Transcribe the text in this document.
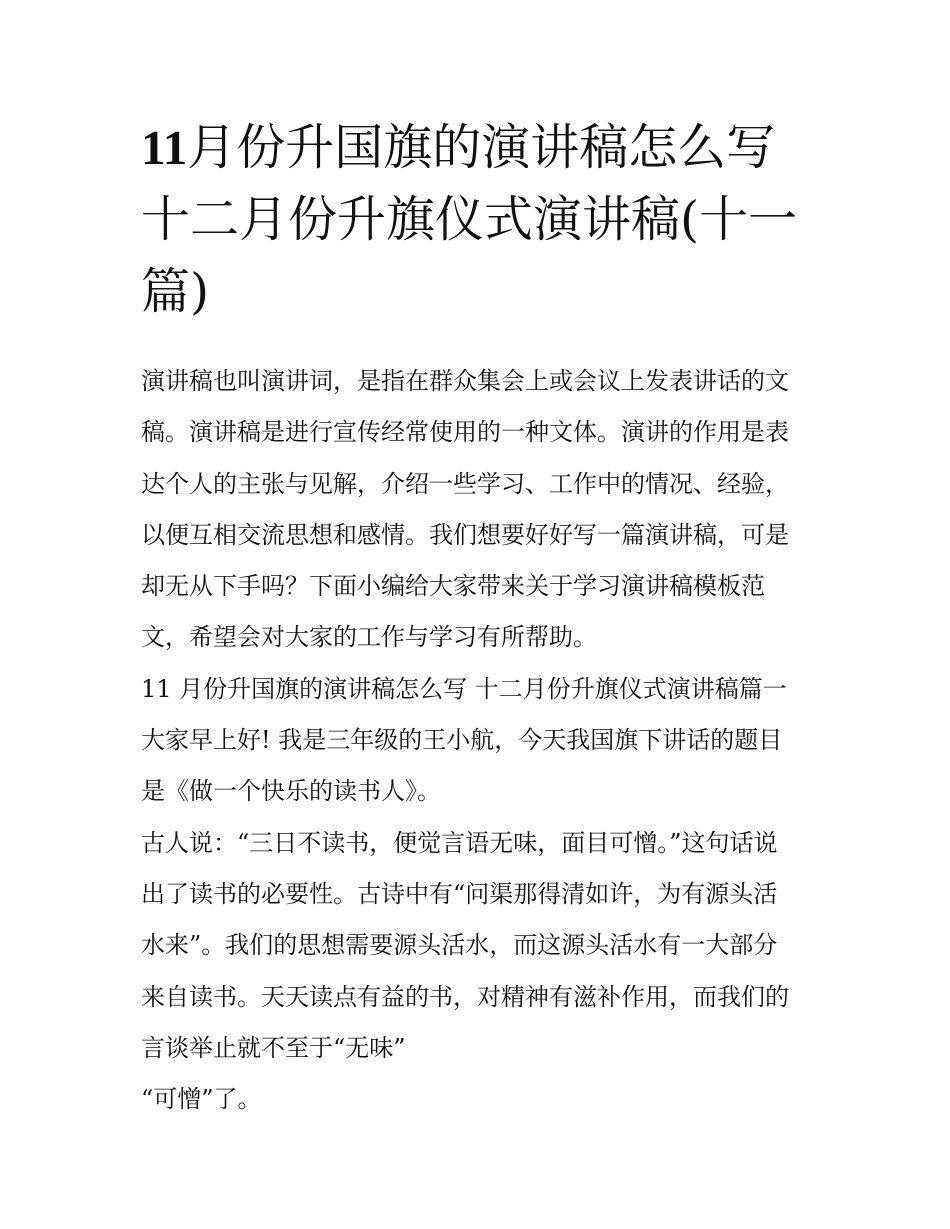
11月份升国旗的演讲稿怎么写
十二月份升旗仪式演讲稿(十一
篇)
演讲稿也叫演讲词，是指在群众集会上或会议上发表讲话的文
稿。演讲稿是进行宣传经常使用的一种文体。演讲的作用是表
达个人的主张与见解，介绍一些学习、工作中的情况、经验，
以便互相交流思想和感情。我们想要好好写一篇演讲稿，可是
却无从下手吗？下面小编给大家带来关于学习演讲稿模板范
文，希望会对大家的工作与学习有所帮助。
11 月份升国旗的演讲稿怎么写 十二月份升旗仪式演讲稿篇一
大家早上好! 我是三年级的王小航，今天我国旗下讲话的题目
是《做一个快乐的读书人》。
古人说：“三日不读书，便觉言语无味，面目可憎。”这句话说
出了读书的必要性。古诗中有“问渠那得清如许，为有源头活
水来”。我们的思想需要源头活水，而这源头活水有一大部分
来自读书。天天读点有益的书，对精神有滋补作用，而我们的
言谈举止就不至于“无味”
“可憎”了。
